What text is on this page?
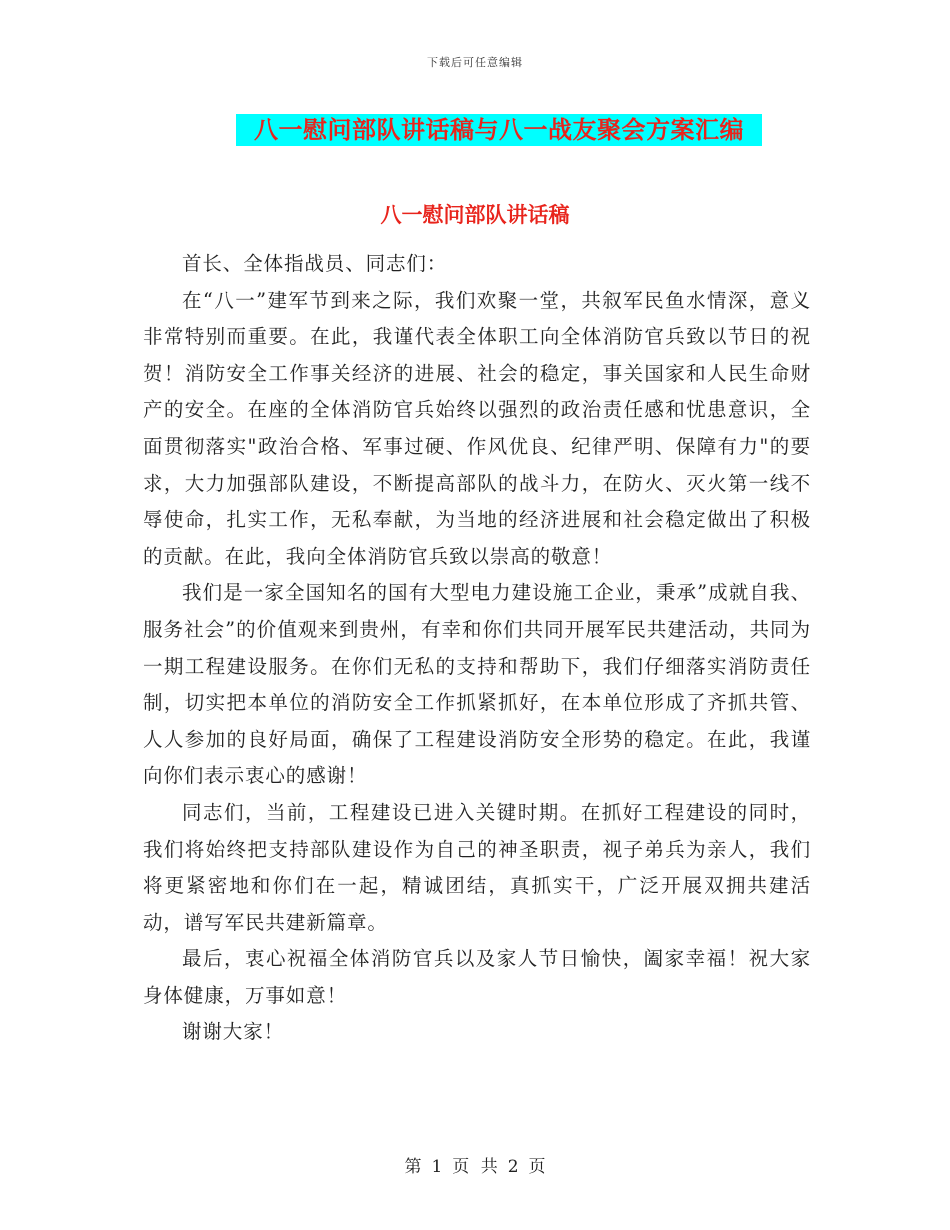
下载后可任意编辑
八一慰问部队讲话稿与八一战友聚会方案汇编
八一慰问部队讲话稿

首长、全体指战员、同志们：

在“八一”建军节到来之际，我们欢聚一堂，共叙军民鱼水情深，意义非常特别而重要。在此，我谨代表全体职工向全体消防官兵致以节日的祝贺！消防安全工作事关经济的进展、社会的稳定，事关国家和人民生命财产的安全。在座的全体消防官兵始终以强烈的政治责任感和忧患意识，全面贯彻落实"政治合格、军事过硬、作风优良、纪律严明、保障有力"的要求，大力加强部队建设，不断提高部队的战斗力，在防火、灭火第一线不辱使命，扎实工作，无私奉献，为当地的经济进展和社会稳定做出了积极的贡献。在此，我向全体消防官兵致以崇高的敬意！

我们是一家全国知名的国有大型电力建设施工企业，秉承”成就自我、服务社会”的价值观来到贵州，有幸和你们共同开展军民共建活动，共同为一期工程建设服务。在你们无私的支持和帮助下，我们仔细落实消防责任制，切实把本单位的消防安全工作抓紧抓好，在本单位形成了齐抓共管、人人参加的良好局面，确保了工程建设消防安全形势的稳定。在此，我谨向你们表示衷心的感谢！

同志们，当前，工程建设已进入关键时期。在抓好工程建设的同时，我们将始终把支持部队建设作为自己的神圣职责，视子弟兵为亲人，我们将更紧密地和你们在一起，精诚团结，真抓实干，广泛开展双拥共建活动，谱写军民共建新篇章。

最后，衷心祝福全体消防官兵以及家人节日愉快，阖家幸福！祝大家身体健康，万事如意！

谢谢大家！

第 1 页 共 2 页
